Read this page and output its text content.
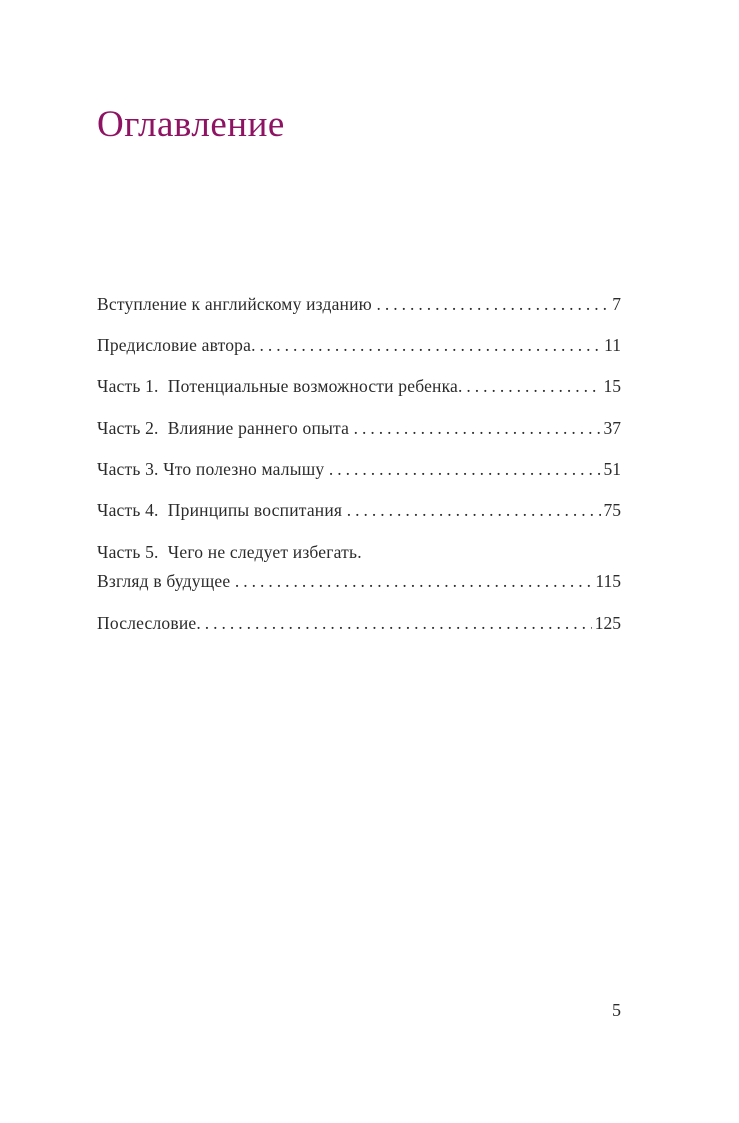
Оглавление
Вступление к английскому изданию .....	7
Предисловие автора .....	11
Часть 1.  Потенциальные возможности ребенка .....	15
Часть 2.  Влияние раннего опыта .....	37
Часть 3. Что полезно малышу .....	51
Часть 4.  Принципы воспитания .....	75
Часть 5.  Чего не следует избегать.
Взгляд в будущее .....	115
Послесловие .....	125
5
